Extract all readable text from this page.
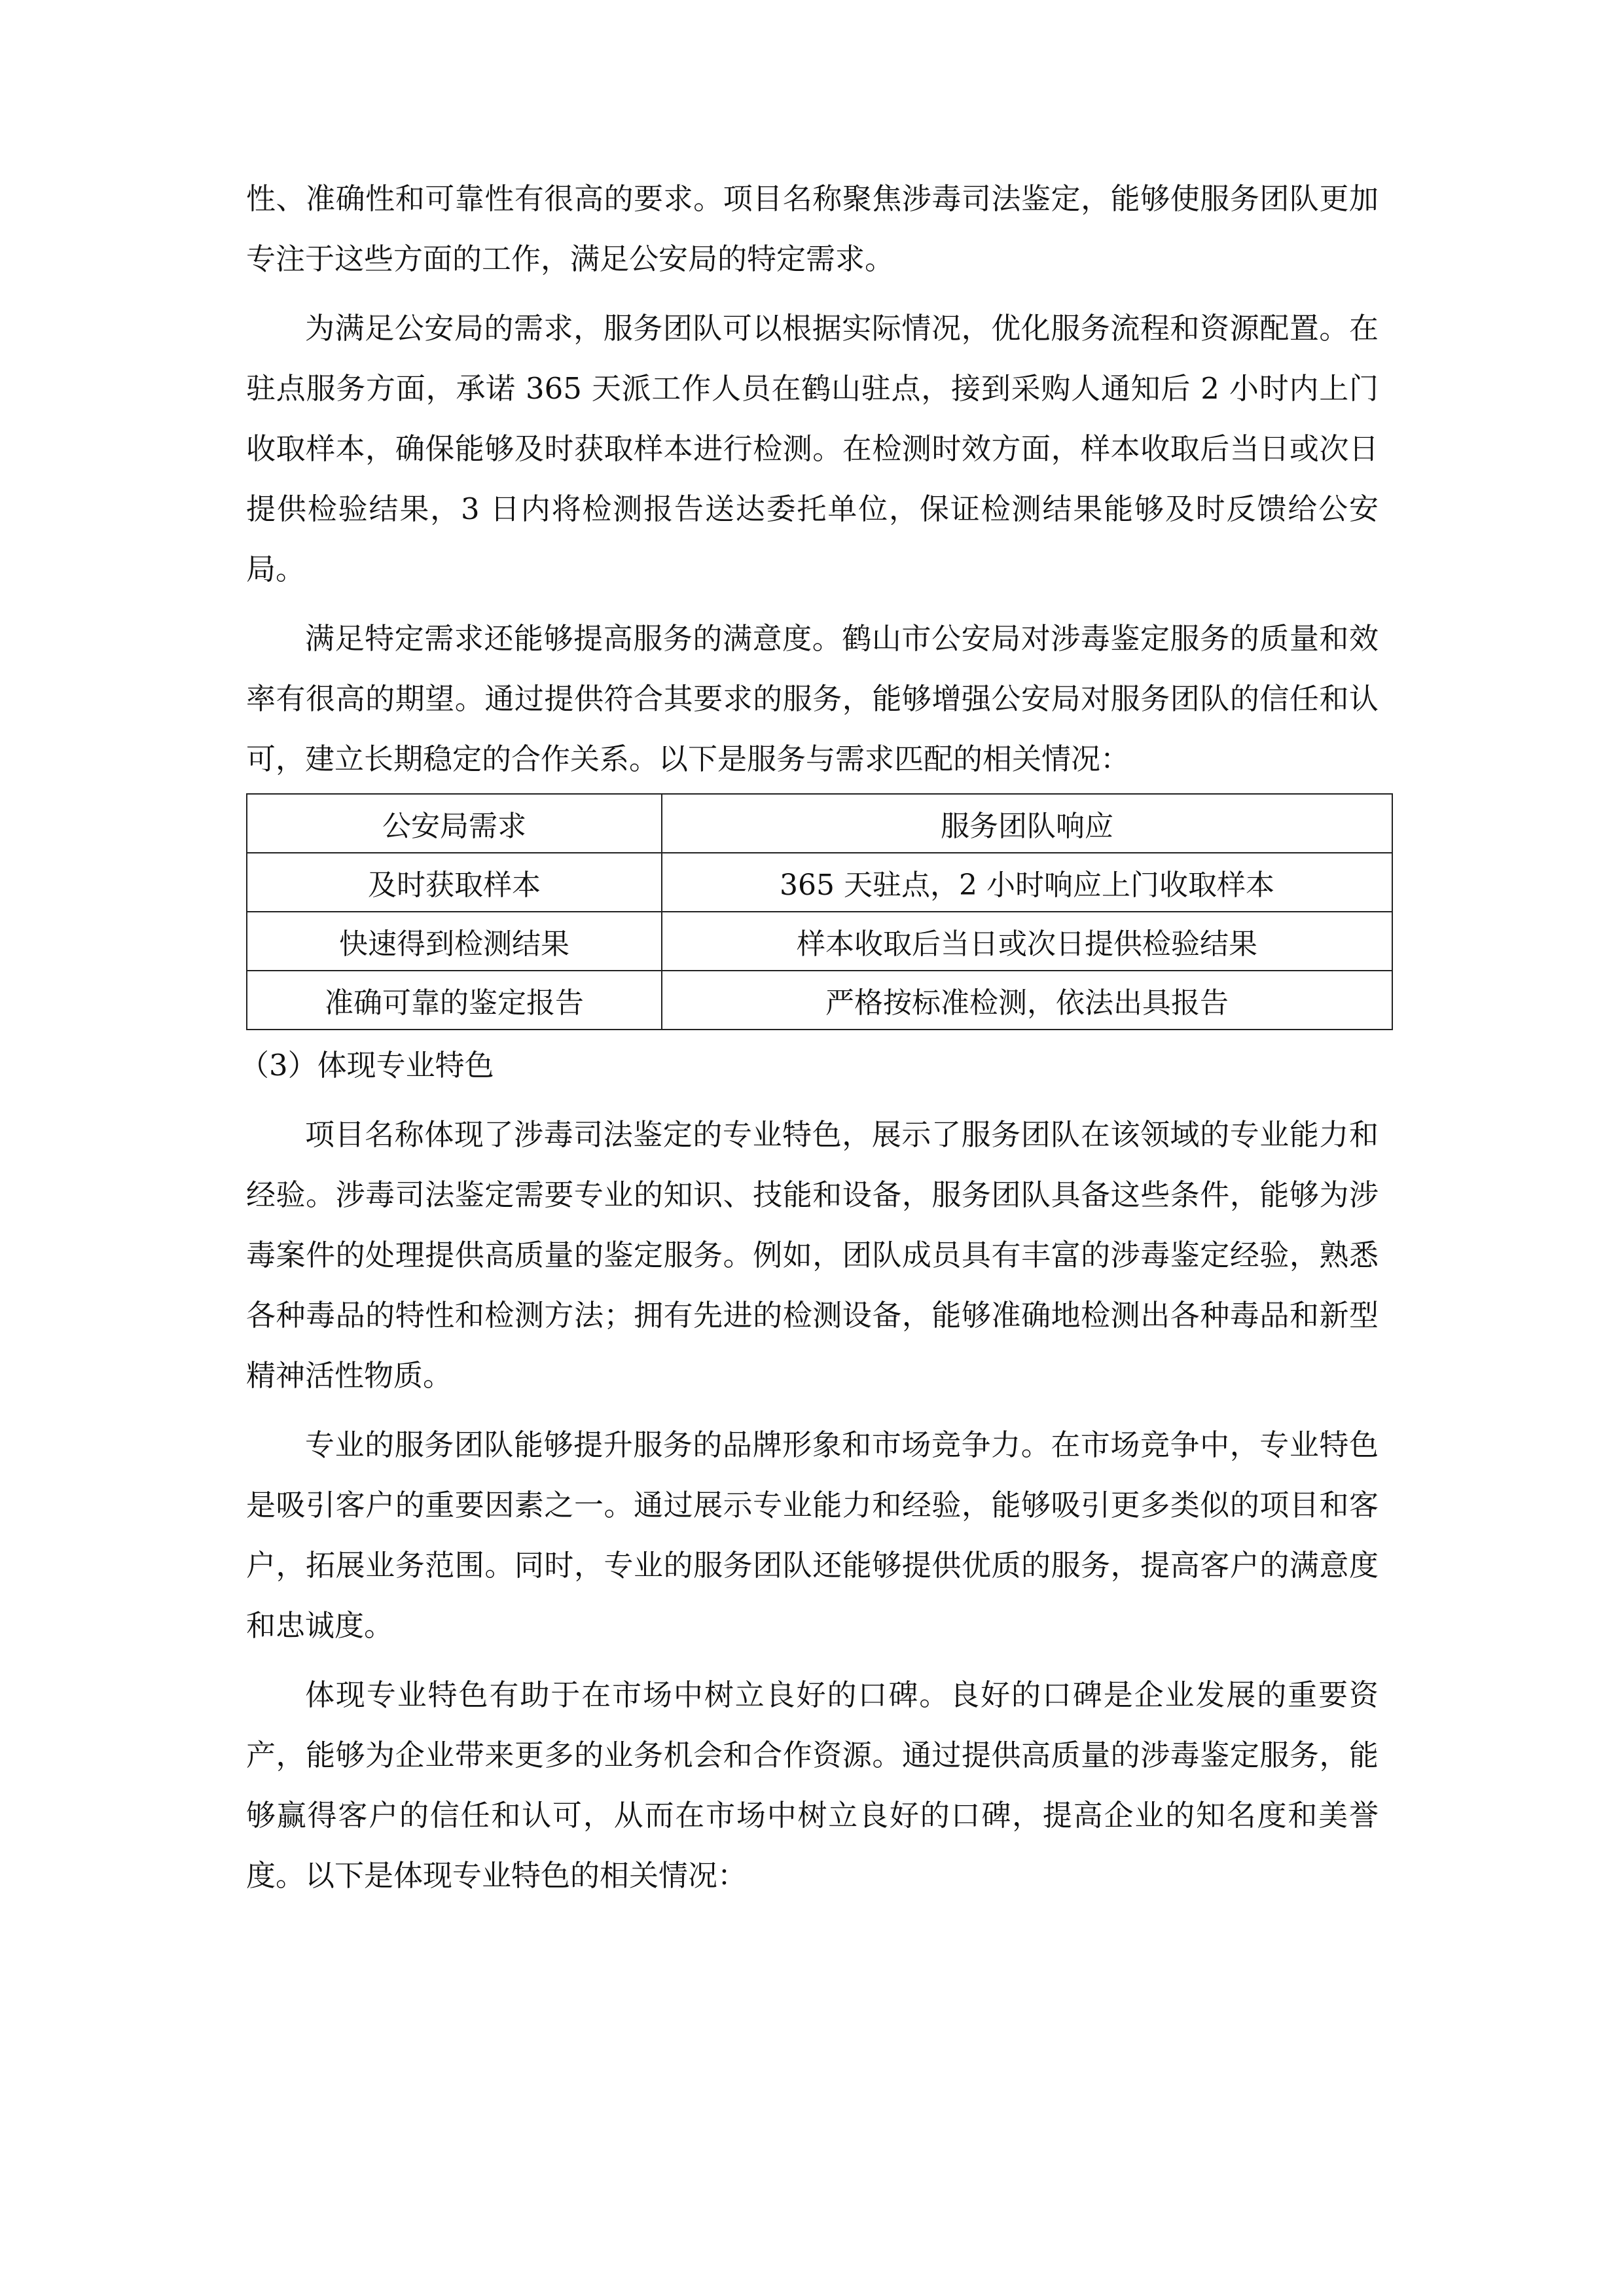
性、准确性和可靠性有很高的要求。项目名称聚焦涉毒司法鉴定，能够使服务团队更加专注于这些方面的工作，满足公安局的特定需求。

为满足公安局的需求，服务团队可以根据实际情况，优化服务流程和资源配置。在驻点服务方面，承诺 365 天派工作人员在鹤山驻点，接到采购人通知后 2 小时内上门收取样本，确保能够及时获取样本进行检测。在检测时效方面，样本收取后当日或次日提供检验结果，3 日内将检测报告送达委托单位，保证检测结果能够及时反馈给公安局。

满足特定需求还能够提高服务的满意度。鹤山市公安局对涉毒鉴定服务的质量和效率有很高的期望。通过提供符合其要求的服务，能够增强公安局对服务团队的信任和认可，建立长期稳定的合作关系。以下是服务与需求匹配的相关情况：

公安局需求	服务团队响应
及时获取样本	365 天驻点，2 小时响应上门收取样本
快速得到检测结果	样本收取后当日或次日提供检验结果
准确可靠的鉴定报告	严格按标准检测，依法出具报告

（3）体现专业特色

项目名称体现了涉毒司法鉴定的专业特色，展示了服务团队在该领域的专业能力和经验。涉毒司法鉴定需要专业的知识、技能和设备，服务团队具备这些条件，能够为涉毒案件的处理提供高质量的鉴定服务。例如，团队成员具有丰富的涉毒鉴定经验，熟悉各种毒品的特性和检测方法；拥有先进的检测设备，能够准确地检测出各种毒品和新型精神活性物质。

专业的服务团队能够提升服务的品牌形象和市场竞争力。在市场竞争中，专业特色是吸引客户的重要因素之一。通过展示专业能力和经验，能够吸引更多类似的项目和客户，拓展业务范围。同时，专业的服务团队还能够提供优质的服务，提高客户的满意度和忠诚度。

体现专业特色有助于在市场中树立良好的口碑。良好的口碑是企业发展的重要资产，能够为企业带来更多的业务机会和合作资源。通过提供高质量的涉毒鉴定服务，能够赢得客户的信任和认可，从而在市场中树立良好的口碑，提高企业的知名度和美誉度。以下是体现专业特色的相关情况：
